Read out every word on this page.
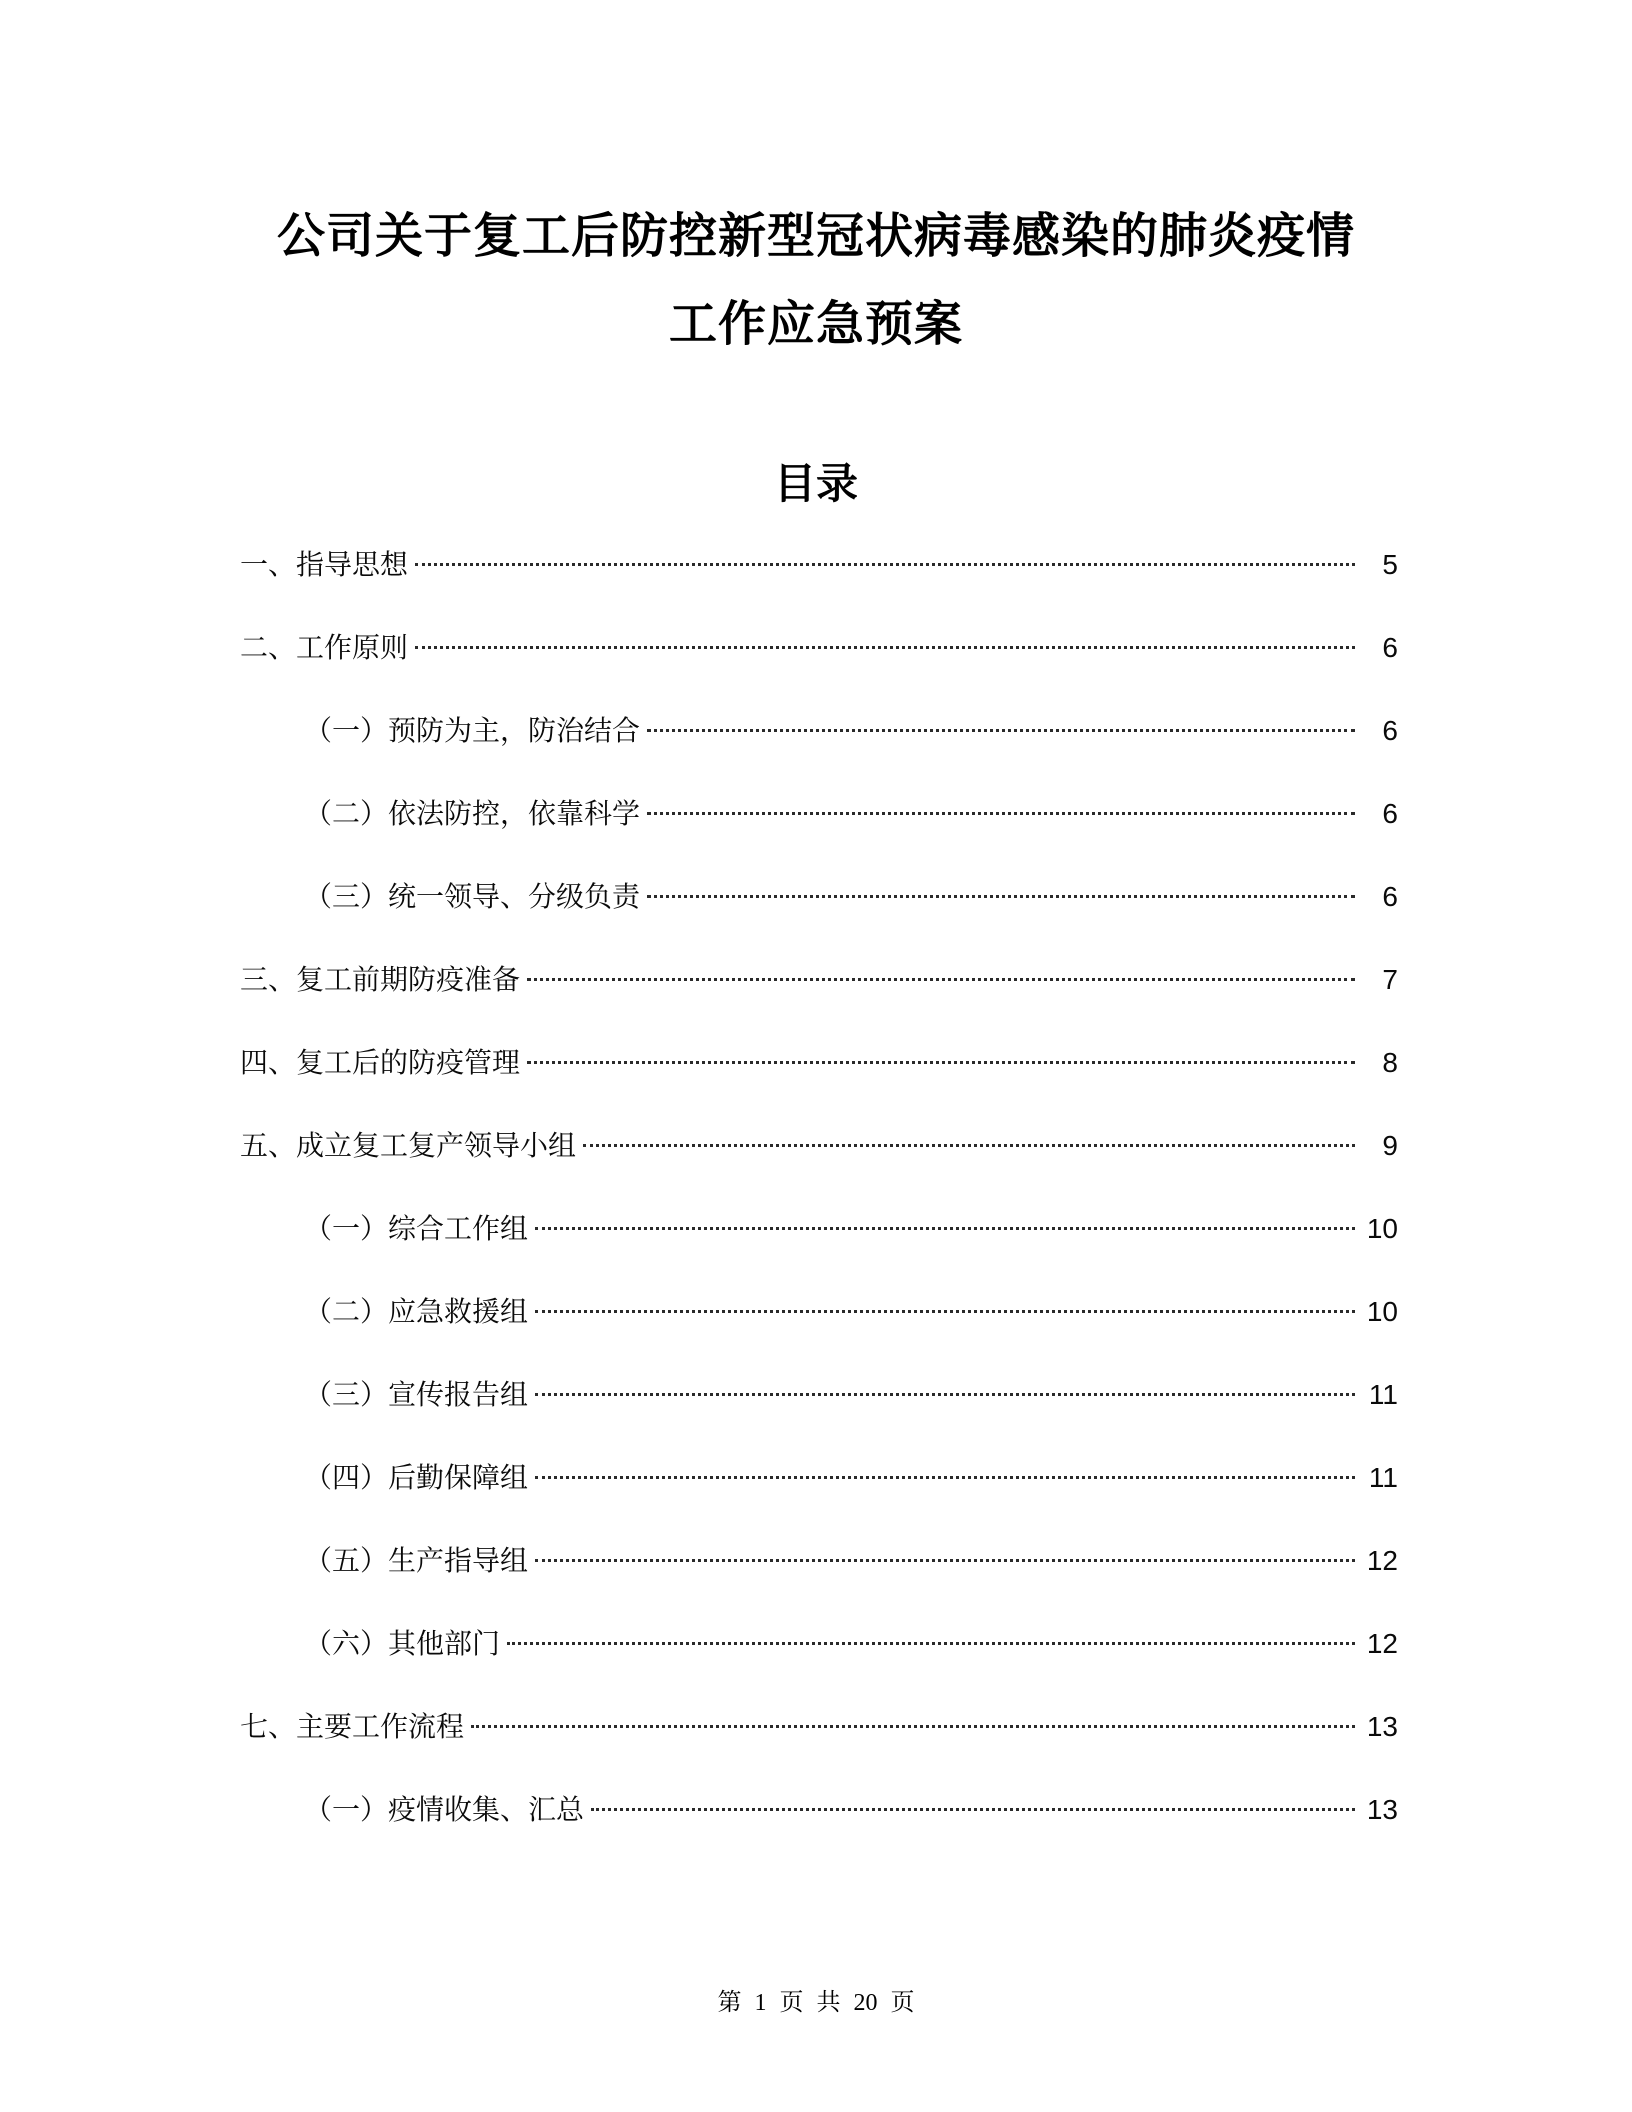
公司关于复工后防控新型冠状病毒感染的肺炎疫情
工作应急预案
目录
一、指导思想	5
二、工作原则	6
（一）预防为主，防治结合	6
（二）依法防控，依靠科学	6
（三）统一领导、分级负责	6
三、复工前期防疫准备	7
四、复工后的防疫管理	8
五、成立复工复产领导小组	9
（一）综合工作组	10
（二）应急救援组	10
（三）宣传报告组	11
（四）后勤保障组	11
（五）生产指导组	12
（六）其他部门	12
七、主要工作流程	13
（一）疫情收集、汇总	13
第 1 页 共 20 页
